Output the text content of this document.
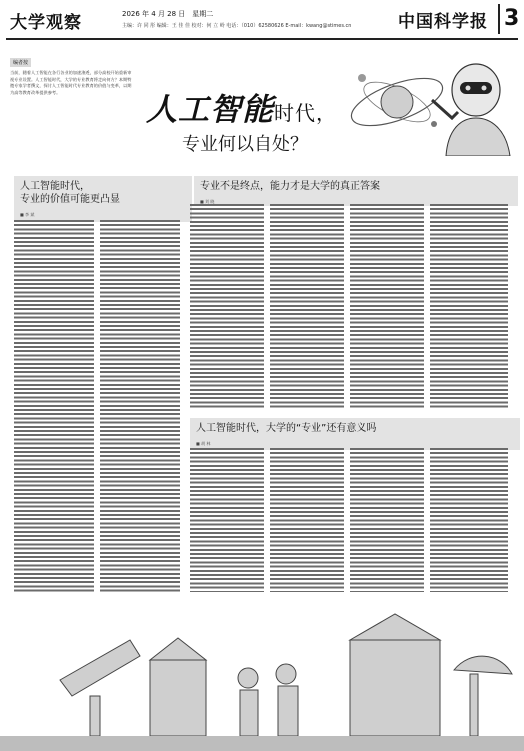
大学观察	2026 年 4 月 28 日　星期二
主编：许 同 彤 编辑：王 佳 佳 校对：何 立 岭 电话：（010）62580626 E-mail：kwang@stimes.cn	中国科学报 3
编者按
当前，随着人工智能在各行各业的加速渗透，部分高校开始重新审视专业设置。人工智能时代，大学的专业教育将走向何方？本期特邀专家学者撰文，探讨人工智能时代专业教育的价值与变革，以期为高等教育改革提供参考。	人工智能时代，
专业何以自处？
人工智能时代，
专业的价值可能更凸显
■ 李 斌
专业不是终点，能力才是大学的真正答案
■ 刘 晓
人工智能时代，大学的“专业”还有意义吗
■ 胡 林
